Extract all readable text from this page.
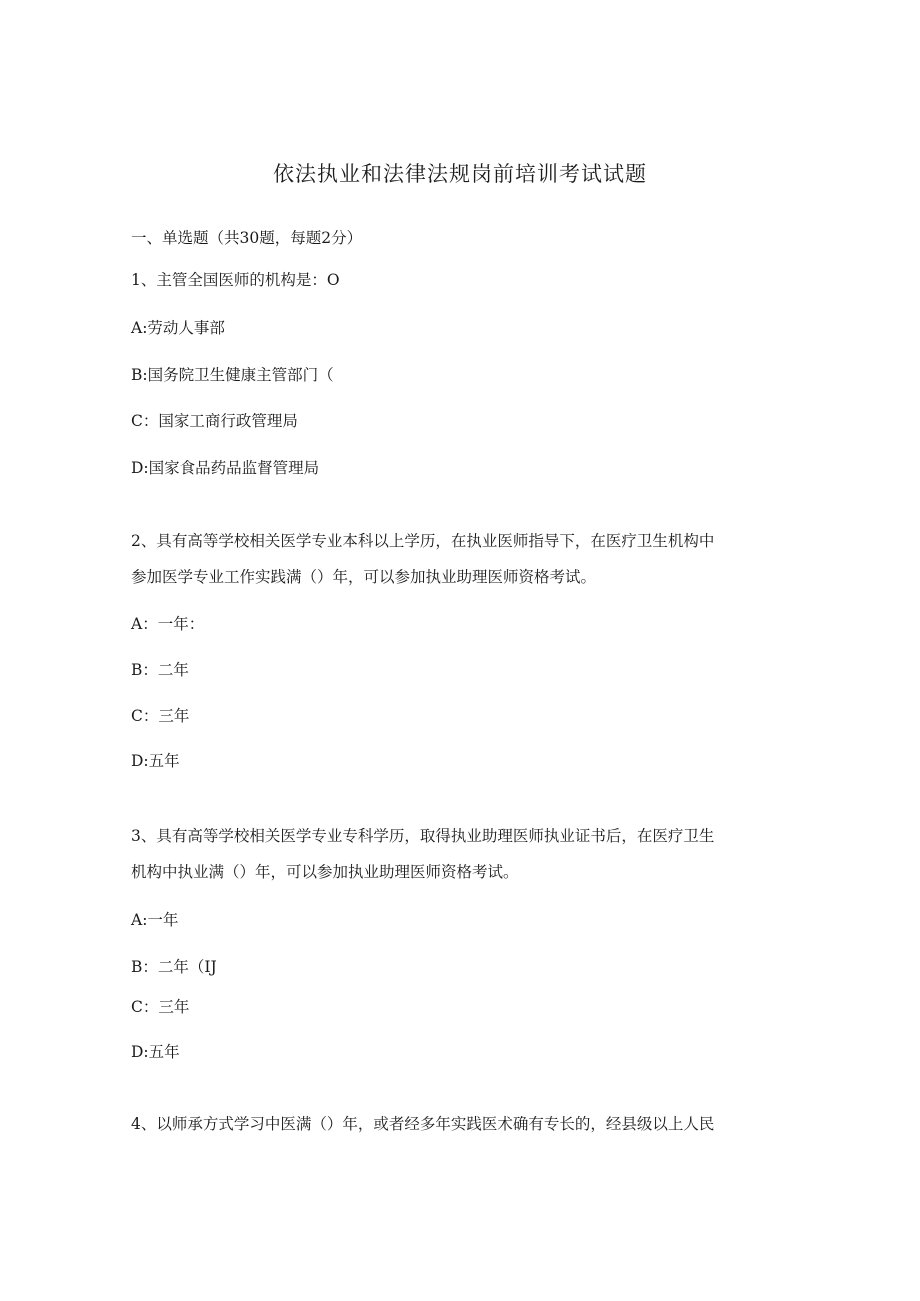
依法执业和法律法规岗前培训考试试题

一、单选题（共30题，每题2分）

1、主管全国医师的机构是：O

A:劳动人事部

B:国务院卫生健康主管部门（

C：国家工商行政管理局

D:国家食品药品监督管理局

2、具有高等学校相关医学专业本科以上学历，在执业医师指导下，在医疗卫生机构中

参加医学专业工作实践满（）年，可以参加执业助理医师资格考试。

A：一年：

B：二年

C：三年

D:五年

3、具有高等学校相关医学专业专科学历，取得执业助理医师执业证书后，在医疗卫生

机构中执业满（）年，可以参加执业助理医师资格考试。

A:一年

B：二年（IJ

C：三年

D:五年

4、以师承方式学习中医满（）年，或者经多年实践医术确有专长的，经县级以上人民
